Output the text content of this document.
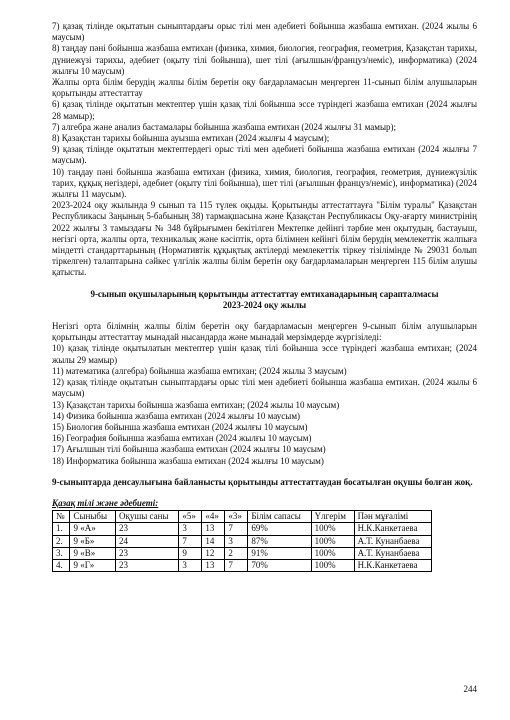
7) қазақ тілінде оқытатын сыныптардағы орыс тілі мен әдебиеті бойынша жазбаша емтихан. (2024 жылы 6 маусым)

8) таңдау пәні бойынша жазбаша емтихан (физика, химия, биология, география, геометрия, Қазақстан тарихы, дүниежүзі тарихы, әдебиет (оқыту тілі бойынша), шет тілі (ағылшын/француз/неміс), информатика) (2024 жылғы 10 маусым)

Жалпы орта білім берудің жалпы білім беретін оқу бағдарламасын меңгерген 11-сынып білім алушыларын қорытынды аттестаттау

6) қазақ тілінде оқытатын мектептер үшін қазақ тілі бойынша эссе түріндегі жазбаша емтихан (2024 жылғы 28 мамыр);

7) алгебра және анализ бастамалары бойынша жазбаша емтихан (2024 жылғы 31 мамыр);

8) Қазақстан тарихы бойынша ауызша емтихан (2024 жылғы 4 маусым);

9) қазақ тілінде оқытатын мектептердегі орыс тілі мен әдебиеті бойынша жазбаша емтихан (2024 жылғы 7 маусым).

10) таңдау пәні бойынша жазбаша емтихан (физика, химия, биология, география, геометрия, дүниежүзілік тарих, құқық негіздері, әдебиет (оқыту тілі бойынша), шет тілі (ағылшын француз/неміс), информатика) (2024 жылғы 11 маусым).

2023-2024 оқу жылында 9 сынып та 115 түлек оқыды. Қорытынды аттестаттауға "Білім туралы" Қазақстан Республикасы Заңының 5-бабының 38) тармақшасына және Қазақстан Республикасы Оқу-ағарту министрінің 2022 жылғы 3 тамыздағы № 348 бұйрығымен бекітілген Мектепке дейінгі тәрбие мен оқытудың, бастауыш, негізгі орта, жалпы орта, техникалық және кәсіптік, орта білімнен кейінгі білім берудің мемлекеттік жалпыға міндетті стандарттарының (Нормативтік құқықтық актілерді мемлекеттік тіркеу тізілімінде № 29031 болып тіркелген) талаптарына сәйкес үлгілік жалпы білім беретін оқу бағдарламаларын меңгерген 115 білім алушы қатысты.

9-сынып оқушыларының қорытынды аттестаттау емтиханадарының сарапталмасы

2023-2024 оқу жылы

Негізгі орта білімнің жалпы білім беретін оқу бағдарламасын меңгерген 9-сынып білім алушыларын қорытынды аттестаттау мынадай нысандарда және мынадай мерзімдерде жүргізіледі:

10) қазақ тілінде оқытылатын мектептер үшін қазақ тілі бойынша эссе түріндегі жазбаша емтихан; (2024 жылы 29 мамыр)

11) математика (алгебра) бойынша жазбаша емтихан; (2024 жылы 3 маусым)

12) қазақ тілінде оқытатын сыныптардағы орыс тілі мен әдебиеті бойынша жазбаша емтихан. (2024 жылы 6 маусым)

13) Қазақстан тарихы бойынша жазбаша емтихан; (2024 жылы 10 маусым)

14) Физика бойынша жазбаша емтихан (2024 жылғы 10 маусым)

15) Биология бойынша жазбаша емтихан (2024 жылғы 10 маусым)

16) География бойынша жазбаша емтихан (2024 жылғы 10 маусым)

17) Ағылшын тілі бойынша жазбаша емтихан (2024 жылғы 10 маусым)

18) Информатика бойынша жазбаша емтихан (2024 жылғы 10 маусым)

9-сыныптарда денсаулығына байланысты қорытынды аттестаттаудан босатылған оқушы болған жоқ.

Қазақ тілі және әдебиеті:

№	Сыныбы	Оқушы саны	«5»	«4»	«3»	Білім сапасы	Үлгерім	Пән мұғалімі
1.	9 «А»	23	3	13	7	69%	100%	Н.К.Канкетаева
2.	9 «Б»	24	7	14	3	87%	100%	А.Т. Кунанбаева
3.	9 «В»	23	9	12	2	91%	100%	А.Т. Кунанбаева
4.	9 «Г»	23	3	13	7	70%	100%	Н.К.Канкетаева
244
